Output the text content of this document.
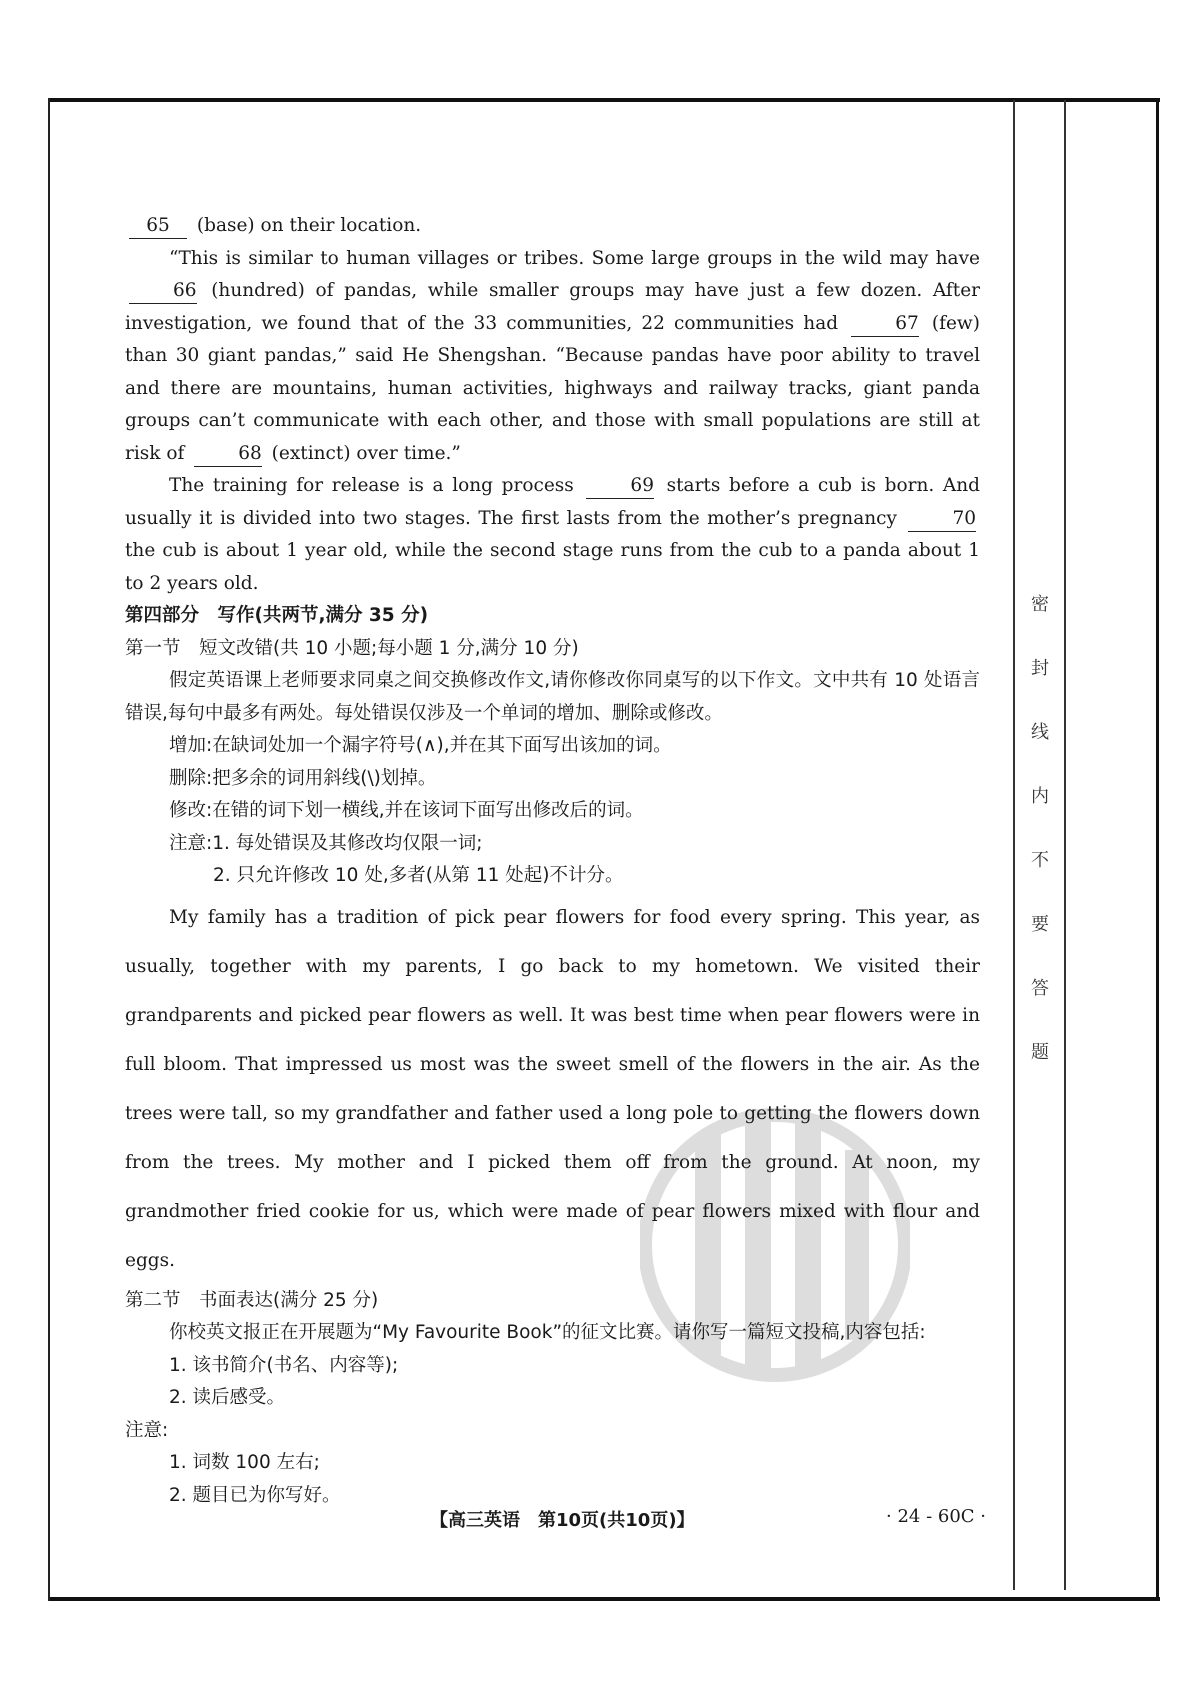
密
封
线
内
不
要
答
题

65 (base) on their location.

“This is similar to human villages or tribes. Some large groups in the wild may have 66 (hundred) of pandas, while smaller groups may have just a few dozen. After investigation, we found that of the 33 communities, 22 communities had	67 (few) than 30 giant pandas,” said He Shengshan. “Because pandas have poor ability to travel and there are mountains, human activities, highways and railway tracks, giant panda groups can’t communicate with each other, and those with small populations are still at risk of	68 (extinct) over time.”

The training for release is a long process	69 starts before a cub is born. And usually it is divided into two stages. The first lasts from the mother’s pregnancy	70 the cub is about 1 year old, while the second stage runs from the cub to a panda about 1 to 2 years old.

第四部分　写作(共两节,满分 35 分)

第一节　短文改错(共 10 小题;每小题 1 分,满分 10 分)

假定英语课上老师要求同桌之间交换修改作文,请你修改你同桌写的以下作文。文中共有 10 处语言错误,每句中最多有两处。每处错误仅涉及一个单词的增加、删除或修改。

增加:在缺词处加一个漏字符号(∧),并在其下面写出该加的词。

删除:把多余的词用斜线(\)划掉。

修改:在错的词下划一横线,并在该词下面写出修改后的词。

注意:1. 每处错误及其修改均仅限一词;

2. 只允许修改 10 处,多者(从第 11 处起)不计分。

My family has a tradition of pick pear flowers for food every spring. This year, as usually, together with my parents, I go back to my hometown. We visited their grandparents and picked pear flowers as well. It was best time when pear flowers were in full bloom. That impressed us most was the sweet smell of the flowers in the air. As the trees were tall, so my grandfather and father used a long pole to getting the flowers down from the trees. My mother and I picked them off from the ground. At noon, my grandmother fried cookie for us, which were made of pear flowers mixed with flour and eggs.

第二节　书面表达(满分 25 分)

你校英文报正在开展题为“My Favourite Book”的征文比赛。请你写一篇短文投稿,内容包括:

1. 该书简介(书名、内容等);

2. 读后感受。

注意:

1. 词数 100 左右;

2. 题目已为你写好。

【高三英语　第10页(共10页)】	· 24 - 60C ·
